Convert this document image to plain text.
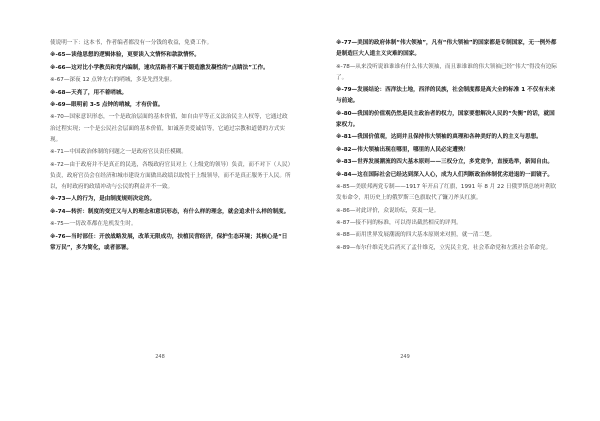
使说明一下：这本书，作者编者都没有一分钱的收益，免费工作。

※-65—读他思想的逻辑体验，更要读入文情怀和款款情怀。

※-66—这对比小学教员和党内编制，速攻活路者不属于锻造激发凝性的“点睛法”工作。

※-67—深夜 12 点钟左右的哨城，多是先烈先驱。

※-68—天亮了，用不着哨城。

※-69—眼明前 3-5 点钟的哨城，才有价值。

※-70—国家意识形态，一个是政治层面的基本价值，如自由平等正义法治民主人权等，它通过政治过程实现；一个是公民社会层面的基本价值，如诚善美爱诚信等，它通过宗教和道德的方式实现。

※-71—中国政治体制的问题之一是政府官员责任模糊。

※-72—由于政府并不是真正的民选，各级政府官员对上（上级党的领导）负责，而不对下（人民）负责，政府官员会在经济和城市建设方面做出政绩以取悦于上级领导，而不是真正服务于人民。所以，有时政府的政绩冲动与公民的利益并不一致。

※-73—人的行为，是由制度规则决定的。

※-74—转折：制度的变迁又与人的理念和意识形态，有什么样的理念，就会追求什么样的制度。

※-75—一切改革都在危机发生时。

※-76—当时部任：开放战略发展，改革无限成功，扶植民营经济，保护生态环境；其核心是“日常万民”，多为简化，或者部署。

248

※-77—美国的政府体制“伟大领袖”，凡有“伟大领袖”的国家都是专制国家，无一例外都是制造巨大人道主义灾难的国家。

※-78—从来没听说谁谁谁有什么伟大领袖，而且谁谁谁的伟大领袖已经“伟大”得没有边际了。

※-79—发展结论：西洋法土地，西洋的民族，社会制度都是高大全的标准 1 不仅有未来与前途。

※-80—我国的价值观仍然是民主政治者的权力，国家要想解决人民的“失衡”的话，就国家权力。

※-81—我国价值观，达到并且保持伟大领袖的真理和各种美好的人的主义与思想。

※-82—伟大领袖出现在哪里，哪里的人民必定遭殃！

※-83—世界发展潮流的四大基本原则——三权分立，多党竞争，直接选举，新闻自由。

※-84—这在国际社会已经达到深入人心，成为人们判断政治体制优劣进退的一面镜子。

※-85—美联邦两党专制——1917 年开启了红旗，1991 年 8 月 22 日俄罗斯总统叶利钦发布命令，用历史上的俄罗斯三色旗取代了镰刀斧头红旗。

※-86—对此评价，众说纷纭，莫衷一是。

※-87—接不同的标准，可以得出截然相反的评判。

※-88—而用世界发展潮流的四大基本原则来对照，就一清二楚。

※-89—布尔什维克先后消灭了孟什维克，立宪民主党，社会革命党和左派社会革命党。

249
